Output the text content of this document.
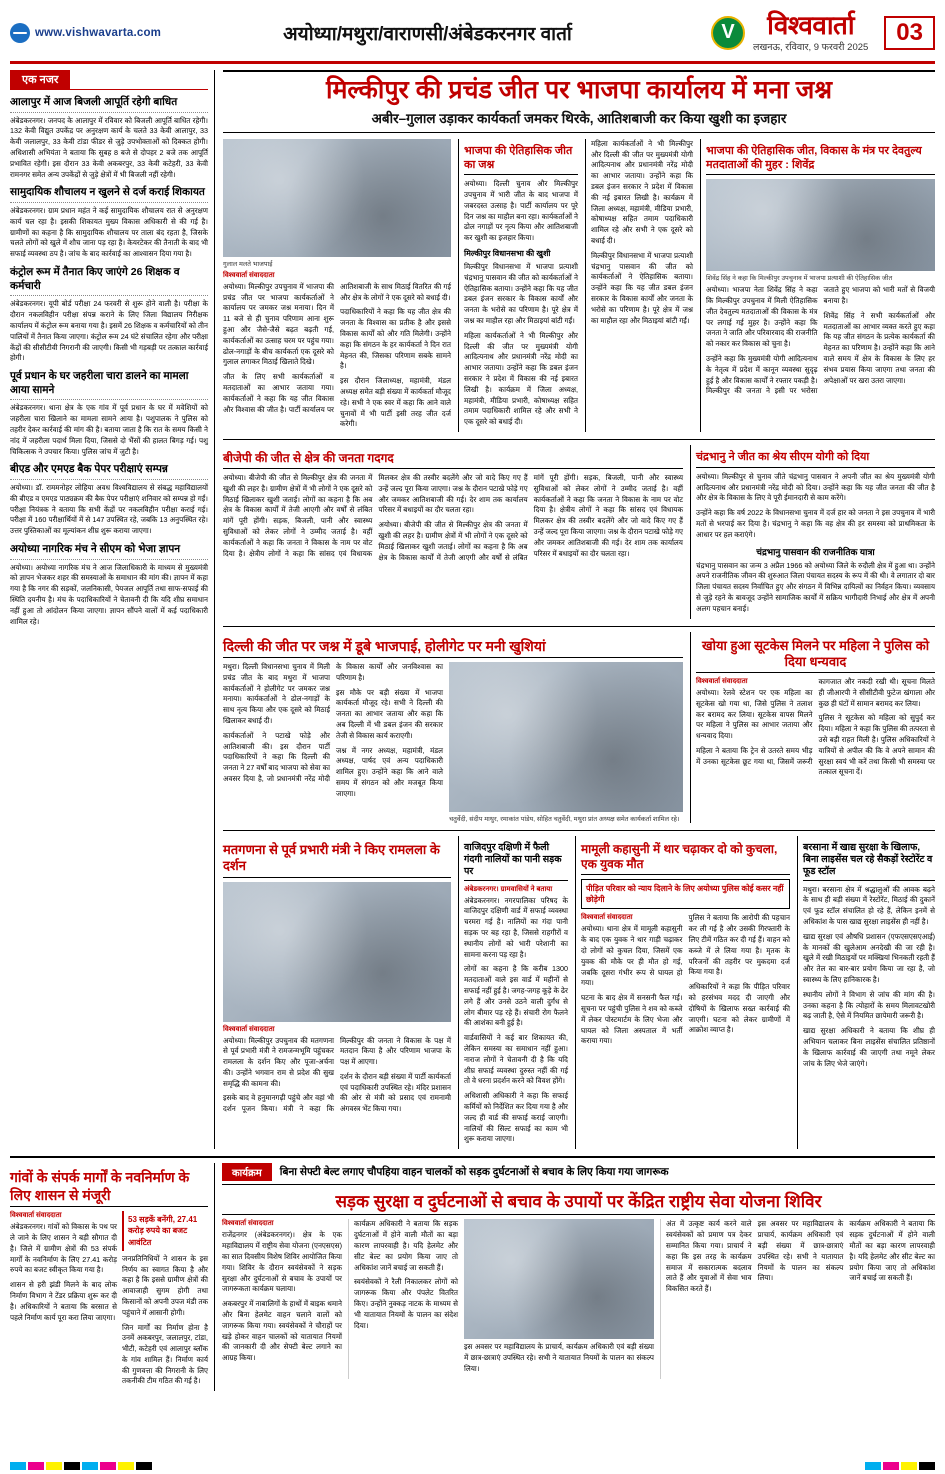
www.vishwavarta.com	अयोध्या/मथुरा/वाराणसी/अंबेडकरनगर वार्ता	V	विश्ववार्ता
लखनऊ, रविवार, 9 फरवरी 2025
03
एक नजर
आलापुर में आज बिजली आपूर्ति रहेगी बाधित

अंबेडकरनगर। जनपद के आलापुर में रविवार को बिजली आपूर्ति बाधित रहेगी। 132 केवी विद्युत उपकेंद्र पर अनुरक्षण कार्य के चलते 33 केवी आलापुर, 33 केवी जलालपुर, 33 केवी टांडा फीडर से जुड़े उपभोक्ताओं को दिक्कत होगी। अधिशासी अभियंता ने बताया कि सुबह 8 बजे से दोपहर 2 बजे तक आपूर्ति प्रभावित रहेगी। इस दौरान 33 केवी अकबरपुर, 33 केवी कटेहरी, 33 केवी रामनगर समेत अन्य उपकेंद्रों से जुड़े क्षेत्रों में भी बिजली नहीं रहेगी।

सामुदायिक शौचालय न खुलने से दर्ज कराई शिकायत

अंबेडकरनगर। ग्राम प्रधान महंत ने कई सामुदायिक शौचालय रात से अनुरक्षण कार्य चल रहा है। इसकी शिकायत मुख्य विकास अधिकारी से की गई है। ग्रामीणों का कहना है कि सामुदायिक शौचालय पर ताला बंद रहता है, जिसके चलते लोगों को खुले में शौच जाना पड़ रहा है। केयरटेकर की तैनाती के बाद भी सफाई व्यवस्था ठप है। जांच के बाद कार्रवाई का आश्वासन दिया गया है।

कंट्रोल रूम में तैनात किए जाएंगे 26 शिक्षक व कर्मचारी

अंबेडकरनगर। यूपी बोर्ड परीक्षा 24 फरवरी से शुरू होने वाली है। परीक्षा के दौरान नकलविहीन परीक्षा संपन्न कराने के लिए जिला विद्यालय निरीक्षक कार्यालय में कंट्रोल रूम बनाया गया है। इसमें 26 शिक्षक व कर्मचारियों को तीन पालियों में तैनात किया जाएगा। कंट्रोल रूम 24 घंटे संचालित रहेगा और परीक्षा केंद्रों की सीसीटीवी निगरानी की जाएगी। किसी भी गड़बड़ी पर तत्काल कार्रवाई होगी।

पूर्व प्रधान के घर जहरीला चारा डालने का मामला आया सामने

अंबेडकरनगर। थाना क्षेत्र के एक गांव में पूर्व प्रधान के घर में मवेशियों को जहरीला चारा खिलाने का मामला सामने आया है। पशुपालक ने पुलिस को तहरीर देकर कार्रवाई की मांग की है। बताया जाता है कि रात के समय किसी ने नांद में जहरीला पदार्थ मिला दिया, जिससे दो भैंसों की हालत बिगड़ गई। पशु चिकित्सक ने उपचार किया। पुलिस जांच में जुटी है।

बीएड और एमएड बैक पेपर परीक्षाएं सम्पन्न

अयोध्या। डॉ. राममनोहर लोहिया अवध विश्वविद्यालय से संबद्ध महाविद्यालयों की बीएड व एमएड पाठ्यक्रम की बैक पेपर परीक्षाएं शनिवार को सम्पन्न हो गईं। परीक्षा नियंत्रक ने बताया कि सभी केंद्रों पर नकलविहीन परीक्षा कराई गई। परीक्षा में 160 परीक्षार्थियों में से 147 उपस्थित रहे, जबकि 13 अनुपस्थित रहे। उत्तर पुस्तिकाओं का मूल्यांकन शीघ्र शुरू कराया जाएगा।

अयोध्या नागरिक मंच ने सीएम को भेजा ज्ञापन

अयोध्या। अयोध्या नागरिक मंच ने आज जिलाधिकारी के माध्यम से मुख्यमंत्री को ज्ञापन भेजकर शहर की समस्याओं के समाधान की मांग की। ज्ञापन में कहा गया है कि नगर की सड़कों, जलनिकासी, पेयजल आपूर्ति तथा साफ-सफाई की स्थिति दयनीय है। मंच के पदाधिकारियों ने चेतावनी दी कि यदि शीघ्र समाधान नहीं हुआ तो आंदोलन किया जाएगा। ज्ञापन सौंपने वालों में कई पदाधिकारी शामिल रहे।

मिल्कीपुर की प्रचंड जीत पर भाजपा कार्यालय में मना जश्न
अबीर–गुलाल उड़ाकर कार्यकर्ता जमकर थिरके, आतिशबाजी कर किया खुशी का इजहार
गुलाल मलते भाजपाई
विश्ववार्ता संवाददाता

अयोध्या। मिल्कीपुर उपचुनाव में भाजपा की प्रचंड जीत पर भाजपा कार्यकर्ताओं ने कार्यालय पर जमकर जश्न मनाया। दिन में 11 बजे से ही चुनाव परिणाम आना शुरू हुआ और जैसे-जैसे बढ़त बढ़ती गई, कार्यकर्ताओं का उत्साह चरम पर पहुंच गया। ढोल-नगाड़ों के बीच कार्यकर्ता एक दूसरे को गुलाल लगाकर मिठाई खिलाते दिखे।

जीत के लिए सभी कार्यकर्ताओं व मतदाताओं का आभार जताया गया। कार्यकर्ताओं ने कहा कि यह जीत विकास और विश्वास की जीत है। पार्टी कार्यालय पर आतिशबाजी के साथ मिठाई वितरित की गई और क्षेत्र के लोगों ने एक दूसरे को बधाई दी।

पदाधिकारियों ने कहा कि यह जीत क्षेत्र की जनता के विश्वास का प्रतीक है और इससे विकास कार्यों को और गति मिलेगी। उन्होंने कहा कि संगठन के हर कार्यकर्ता ने दिन रात मेहनत की, जिसका परिणाम सबके सामने है।

इस दौरान जिलाध्यक्ष, महामंत्री, मंडल अध्यक्ष समेत बड़ी संख्या में कार्यकर्ता मौजूद रहे। सभी ने एक स्वर में कहा कि आने वाले चुनावों में भी पार्टी इसी तरह जीत दर्ज करेगी।

भाजपा की ऐतिहासिक जीत का जश्न

अयोध्या। दिल्ली चुनाव और मिल्कीपुर उपचुनाव में भारी जीत के बाद भाजपा में जबरदस्त उत्साह है। पार्टी कार्यालय पर पूरे दिन जश्न का माहौल बना रहा। कार्यकर्ताओं ने ढोल नगाड़ों पर नृत्य किया और आतिशबाजी कर खुशी का इजहार किया।

मिल्कीपुर विधानसभा की खुशी

मिल्कीपुर विधानसभा में भाजपा प्रत्याशी चंद्रभानु पासवान की जीत को कार्यकर्ताओं ने ऐतिहासिक बताया। उन्होंने कहा कि यह जीत डबल इंजन सरकार के विकास कार्यों और जनता के भरोसे का परिणाम है। पूरे क्षेत्र में जश्न का माहौल रहा और मिठाइयां बांटी गईं।

महिला कार्यकर्ताओं ने भी मिल्कीपुर और दिल्ली की जीत पर मुख्यमंत्री योगी आदित्यनाथ और प्रधानमंत्री नरेंद्र मोदी का आभार जताया। उन्होंने कहा कि डबल इंजन सरकार ने प्रदेश में विकास की नई इबारत लिखी है। कार्यक्रम में जिला अध्यक्ष, महामंत्री, मीडिया प्रभारी, कोषाध्यक्ष सहित तमाम पदाधिकारी शामिल रहे और सभी ने एक दूसरे को बधाई दी।

महिला कार्यकर्ताओं ने भी मिल्कीपुर और दिल्ली की जीत पर मुख्यमंत्री योगी आदित्यनाथ और प्रधानमंत्री नरेंद्र मोदी का आभार जताया। उन्होंने कहा कि डबल इंजन सरकार ने प्रदेश में विकास की नई इबारत लिखी है। कार्यक्रम में जिला अध्यक्ष, महामंत्री, मीडिया प्रभारी, कोषाध्यक्ष सहित तमाम पदाधिकारी शामिल रहे और सभी ने एक दूसरे को बधाई दी।

मिल्कीपुर विधानसभा में भाजपा प्रत्याशी चंद्रभानु पासवान की जीत को कार्यकर्ताओं ने ऐतिहासिक बताया। उन्होंने कहा कि यह जीत डबल इंजन सरकार के विकास कार्यों और जनता के भरोसे का परिणाम है। पूरे क्षेत्र में जश्न का माहौल रहा और मिठाइयां बांटी गईं।

भाजपा की ऐतिहासिक जीत, विकास के मंत्र पर देवतुल्य मतदाताओं की मुहर : शिवेंद्र
शिवेंद्र सिंह ने कहा कि मिल्कीपुर उपचुनाव में भाजपा प्रत्याशी की ऐतिहासिक जीत

अयोध्या। भाजपा नेता शिवेंद्र सिंह ने कहा कि मिल्कीपुर उपचुनाव में मिली ऐतिहासिक जीत देवतुल्य मतदाताओं की विकास के मंत्र पर लगाई गई मुहर है। उन्होंने कहा कि जनता ने जाति और परिवारवाद की राजनीति को नकार कर विकास को चुना है।

उन्होंने कहा कि मुख्यमंत्री योगी आदित्यनाथ के नेतृत्व में प्रदेश में कानून व्यवस्था सुदृढ़ हुई है और विकास कार्यों ने रफ्तार पकड़ी है। मिल्कीपुर की जनता ने इसी पर भरोसा जताते हुए भाजपा को भारी मतों से विजयी बनाया है।

शिवेंद्र सिंह ने सभी कार्यकर्ताओं और मतदाताओं का आभार व्यक्त करते हुए कहा कि यह जीत संगठन के प्रत्येक कार्यकर्ता की मेहनत का परिणाम है। उन्होंने कहा कि आने वाले समय में क्षेत्र के विकास के लिए हर संभव प्रयास किया जाएगा तथा जनता की अपेक्षाओं पर खरा उतरा जाएगा।

बीजेपी की जीत से क्षेत्र की जनता गदगद

अयोध्या। बीजेपी की जीत से मिल्कीपुर क्षेत्र की जनता में खुशी की लहर है। ग्रामीण क्षेत्रों में भी लोगों ने एक दूसरे को मिठाई खिलाकर खुशी जताई। लोगों का कहना है कि अब क्षेत्र के विकास कार्यों में तेजी आएगी और वर्षों से लंबित मांगें पूरी होंगी। सड़क, बिजली, पानी और स्वास्थ्य सुविधाओं को लेकर लोगों ने उम्मीद जताई है। वहीं कार्यकर्ताओं ने कहा कि जनता ने विकास के नाम पर वोट दिया है। क्षेत्रीय लोगों ने कहा कि सांसद एवं विधायक मिलकर क्षेत्र की तस्वीर बदलेंगे और जो वादे किए गए हैं उन्हें जल्द पूरा किया जाएगा। जश्न के दौरान पटाखे फोड़े गए और जमकर आतिशबाजी की गई। देर शाम तक कार्यालय परिसर में बधाइयों का दौर चलता रहा।

अयोध्या। बीजेपी की जीत से मिल्कीपुर क्षेत्र की जनता में खुशी की लहर है। ग्रामीण क्षेत्रों में भी लोगों ने एक दूसरे को मिठाई खिलाकर खुशी जताई। लोगों का कहना है कि अब क्षेत्र के विकास कार्यों में तेजी आएगी और वर्षों से लंबित मांगें पूरी होंगी। सड़क, बिजली, पानी और स्वास्थ्य सुविधाओं को लेकर लोगों ने उम्मीद जताई है। वहीं कार्यकर्ताओं ने कहा कि जनता ने विकास के नाम पर वोट दिया है। क्षेत्रीय लोगों ने कहा कि सांसद एवं विधायक मिलकर क्षेत्र की तस्वीर बदलेंगे और जो वादे किए गए हैं उन्हें जल्द पूरा किया जाएगा। जश्न के दौरान पटाखे फोड़े गए और जमकर आतिशबाजी की गई। देर शाम तक कार्यालय परिसर में बधाइयों का दौर चलता रहा।

चंद्रभानु ने जीत का श्रेय सीएम योगी को दिया

अयोध्या। मिल्कीपुर से चुनाव जीते चंद्रभानु पासवान ने अपनी जीत का श्रेय मुख्यमंत्री योगी आदित्यनाथ और प्रधानमंत्री नरेंद्र मोदी को दिया। उन्होंने कहा कि यह जीत जनता की जीत है और क्षेत्र के विकास के लिए वे पूरी ईमानदारी से काम करेंगे।

उन्होंने कहा कि वर्ष 2022 के विधानसभा चुनाव में दर्ज हार को जनता ने इस उपचुनाव में भारी मतों से भरपाई कर दिया है। चंद्रभानु ने कहा कि वह क्षेत्र की हर समस्या को प्राथमिकता के आधार पर हल कराएंगे।

चंद्रभानु पासवान की राजनीतिक यात्रा

चंद्रभानु पासवान का जन्म 3 अप्रैल 1966 को अयोध्या जिले के रुदौली क्षेत्र में हुआ था। उन्होंने अपने राजनीतिक जीवन की शुरुआत जिला पंचायत सदस्य के रूप में की थी। वे लगातार दो बार जिला पंचायत सदस्य निर्वाचित हुए और संगठन में विभिन्न दायित्वों का निर्वहन किया। व्यवसाय से जुड़े रहने के बावजूद उन्होंने सामाजिक कार्यों में सक्रिय भागीदारी निभाई और क्षेत्र में अपनी अलग पहचान बनाई।

दिल्ली की जीत पर जश्न में डूबे भाजपाई, होलीगेट पर मनी खुशियां

मथुरा। दिल्ली विधानसभा चुनाव में मिली प्रचंड जीत के बाद मथुरा में भाजपा कार्यकर्ताओं ने होलीगेट पर जमकर जश्न मनाया। कार्यकर्ताओं ने ढोल-नगाड़ों के साथ नृत्य किया और एक दूसरे को मिठाई खिलाकर बधाई दी।

कार्यकर्ताओं ने पटाखे फोड़े और आतिशबाजी की। इस दौरान पार्टी पदाधिकारियों ने कहा कि दिल्ली की जनता ने 27 वर्षों बाद भाजपा को सेवा का अवसर दिया है, जो प्रधानमंत्री नरेंद्र मोदी के विकास कार्यों और जनविश्वास का परिणाम है।

इस मौके पर बड़ी संख्या में भाजपा कार्यकर्ता मौजूद रहे। सभी ने दिल्ली की जनता का आभार जताया और कहा कि अब दिल्ली में भी डबल इंजन की सरकार तेजी से विकास कार्य कराएगी।

जश्न में नगर अध्यक्ष, महामंत्री, मंडल अध्यक्ष, पार्षद एवं अन्य पदाधिकारी शामिल हुए। उन्होंने कहा कि आने वाले समय में संगठन को और मजबूत किया जाएगा।

चतुर्वेदी, संदीप माथुर, रमाकांत पांडेय, सोहित चतुर्वेदी, मथुरा प्रांत अध्यक्ष समेत कार्यकर्ता शामिल रहे।
खोया हुआ सूटकेस मिलने पर महिला ने पुलिस को दिया धन्यवाद
विश्ववार्ता संवाददाता

अयोध्या। रेलवे स्टेशन पर एक महिला का सूटकेस खो गया था, जिसे पुलिस ने तलाश कर बरामद कर लिया। सूटकेस वापस मिलने पर महिला ने पुलिस का आभार जताया और धन्यवाद दिया।

महिला ने बताया कि ट्रेन से उतरते समय भीड़ में उनका सूटकेस छूट गया था, जिसमें जरूरी कागजात और नकदी रखी थी। सूचना मिलते ही जीआरपी ने सीसीटीवी फुटेज खंगाला और कुछ ही घंटों में सामान बरामद कर लिया।

पुलिस ने सूटकेस को महिला को सुपुर्द कर दिया। महिला ने कहा कि पुलिस की तत्परता से उसे बड़ी राहत मिली है। पुलिस अधिकारियों ने यात्रियों से अपील की कि वे अपने सामान की सुरक्षा स्वयं भी करें तथा किसी भी समस्या पर तत्काल सूचना दें।

मतगणना से पूर्व प्रभारी मंत्री ने किए रामलला के दर्शन
विश्ववार्ता संवाददाता

अयोध्या। मिल्कीपुर उपचुनाव की मतगणना से पूर्व प्रभारी मंत्री ने रामजन्मभूमि पहुंचकर रामलला के दर्शन किए और पूजा-अर्चना की। उन्होंने भगवान राम से प्रदेश की सुख समृद्धि की कामना की।

इसके बाद वे हनुमानगढ़ी पहुंचे और वहां भी दर्शन पूजन किया। मंत्री ने कहा कि मिल्कीपुर की जनता ने विकास के पक्ष में मतदान किया है और परिणाम भाजपा के पक्ष में आएगा।

दर्शन के दौरान बड़ी संख्या में पार्टी कार्यकर्ता एवं पदाधिकारी उपस्थित रहे। मंदिर प्रशासन की ओर से मंत्री को प्रसाद एवं रामनामी अंगवस्त्र भेंट किया गया।

वाजिदपुर दक्षिणी में फैली गंदगी नालियों का पानी सड़क पर
अंबेडकरनगर। ग्रामवासियों ने बताया

अंबेडकरनगर। नगरपालिका परिषद के वाजिदपुर दक्षिणी वार्ड में सफाई व्यवस्था चरमरा गई है। नालियों का गंदा पानी सड़क पर बह रहा है, जिससे राहगीरों व स्थानीय लोगों को भारी परेशानी का सामना करना पड़ रहा है।

लोगों का कहना है कि करीब 1300 मतदाताओं वाले इस वार्ड में महीनों से सफाई नहीं हुई है। जगह-जगह कूड़े के ढेर लगे हैं और उनसे उठने वाली दुर्गंध से लोग बीमार पड़ रहे हैं। संचारी रोग फैलने की आशंका बनी हुई है।

वार्डवासियों ने कई बार शिकायत की, लेकिन समस्या का समाधान नहीं हुआ। नाराज लोगों ने चेतावनी दी है कि यदि शीघ्र सफाई व्यवस्था दुरुस्त नहीं की गई तो वे धरना प्रदर्शन करने को विवश होंगे।

अधिशासी अधिकारी ने कहा कि सफाई कर्मियों को निर्देशित कर दिया गया है और जल्द ही वार्ड की सफाई कराई जाएगी। नालियों की सिल्ट सफाई का काम भी शुरू कराया जाएगा।

मामूली कहासुनी में थार चढ़ाकर दो को कुचला, एक युवक मौत
पीड़ित परिवार को न्याय दिलाने के लिए अयोध्या पुलिस कोई कसर नहीं छोड़ेगी
विश्ववार्ता संवाददाता

अयोध्या। थाना क्षेत्र में मामूली कहासुनी के बाद एक युवक ने थार गाड़ी चढ़ाकर दो लोगों को कुचल दिया, जिसमें एक युवक की मौके पर ही मौत हो गई, जबकि दूसरा गंभीर रूप से घायल हो गया।

घटना के बाद क्षेत्र में सनसनी फैल गई। सूचना पर पहुंची पुलिस ने शव को कब्जे में लेकर पोस्टमार्टम के लिए भेजा और घायल को जिला अस्पताल में भर्ती कराया गया।

पुलिस ने बताया कि आरोपी की पहचान कर ली गई है और उसकी गिरफ्तारी के लिए टीमें गठित कर दी गई हैं। वाहन को कब्जे में ले लिया गया है। मृतक के परिजनों की तहरीर पर मुकदमा दर्ज किया गया है।

अधिकारियों ने कहा कि पीड़ित परिवार को हरसंभव मदद दी जाएगी और दोषियों के खिलाफ सख्त कार्रवाई की जाएगी। घटना को लेकर ग्रामीणों में आक्रोश व्याप्त है।

बरसाना में खाद्य सुरक्षा के खिलाफ, बिना लाइसेंस चल रहे सैकड़ों रेस्टोरेंट व फूड स्टॉल

मथुरा। बरसाना क्षेत्र में श्रद्धालुओं की आवक बढ़ने के साथ ही बड़ी संख्या में रेस्टोरेंट, मिठाई की दुकानें एवं फूड स्टॉल संचालित हो रहे हैं, लेकिन इनमें से अधिकांश के पास खाद्य सुरक्षा लाइसेंस ही नहीं है।

खाद्य सुरक्षा एवं औषधि प्रशासन (एफएसएसएआई) के मानकों की खुलेआम अनदेखी की जा रही है। खुले में रखी मिठाइयों पर मक्खियां भिनकती रहती हैं और तेल का बार-बार प्रयोग किया जा रहा है, जो स्वास्थ्य के लिए हानिकारक है।

स्थानीय लोगों ने विभाग से जांच की मांग की है। उनका कहना है कि त्योहारों के समय मिलावटखोरी बढ़ जाती है, ऐसे में नियमित छापेमारी जरूरी है।

खाद्य सुरक्षा अधिकारी ने बताया कि शीघ्र ही अभियान चलाकर बिना लाइसेंस संचालित प्रतिष्ठानों के खिलाफ कार्रवाई की जाएगी तथा नमूने लेकर जांच के लिए भेजे जाएंगे।

गांवों के संपर्क मार्गों के नवनिर्माण के लिए शासन से मंजूरी
विश्ववार्ता संवाददाता

अंबेडकरनगर। गांवों को विकास के पथ पर ले जाने के लिए शासन ने बड़ी सौगात दी है। जिले में ग्रामीण क्षेत्रों की 53 संपर्क मार्गों के नवनिर्माण के लिए 27.41 करोड़ रुपये का बजट स्वीकृत किया गया है।

शासन से हरी झंडी मिलने के बाद लोक निर्माण विभाग ने टेंडर प्रक्रिया शुरू कर दी है। अधिकारियों ने बताया कि बरसात से पहले निर्माण कार्य पूरा करा लिया जाएगा।

53 सड़कें बनेंगी, 27.41 करोड़ रुपये का बजट आवंटित

जनप्रतिनिधियों ने शासन के इस निर्णय का स्वागत किया है और कहा है कि इससे ग्रामीण क्षेत्रों की आवाजाही सुगम होगी तथा किसानों को अपनी उपज मंडी तक पहुंचाने में आसानी होगी।

जिन मार्गों का निर्माण होना है उनमें अकबरपुर, जलालपुर, टांडा, भीटी, कटेहरी एवं आलापुर ब्लॉक के गांव शामिल हैं। निर्माण कार्य की गुणवत्ता की निगरानी के लिए तकनीकी टीम गठित की गई है।

कार्यक्रम	बिना सेफ्टी बेल्ट लगाए चौपहिया वाहन चालकों को सड़क दुर्घटनाओं से बचाव के लिए किया गया जागरूक
सड़क सुरक्षा व दुर्घटनाओं से बचाव के उपायों पर केंद्रित राष्ट्रीय सेवा योजना शिविर
विश्ववार्ता संवाददाता

राजेंद्रनगर (अंबेडकरनगर)। क्षेत्र के एक महाविद्यालय में राष्ट्रीय सेवा योजना (एनएसएस) का सात दिवसीय विशेष शिविर आयोजित किया गया। शिविर के दौरान स्वयंसेवकों ने सड़क सुरक्षा और दुर्घटनाओं से बचाव के उपायों पर जागरूकता कार्यक्रम चलाया।

अकबरपुर में नाबालिगों के हाथों में बाइक थमाने और बिना हेलमेट वाहन चलाने वालों को जागरूक किया गया। स्वयंसेवकों ने चौराहों पर खड़े होकर वाहन चालकों को यातायात नियमों की जानकारी दी और सेफ्टी बेल्ट लगाने का आग्रह किया।

कार्यक्रम अधिकारी ने बताया कि सड़क दुर्घटनाओं में होने वाली मौतों का बड़ा कारण लापरवाही है। यदि हेलमेट और सीट बेल्ट का प्रयोग किया जाए तो अधिकांश जानें बचाई जा सकती हैं।

स्वयंसेवकों ने रैली निकालकर लोगों को जागरूक किया और पंपलेट वितरित किए। उन्होंने नुक्कड़ नाटक के माध्यम से भी यातायात नियमों के पालन का संदेश दिया।

इस अवसर पर महाविद्यालय के प्राचार्य, कार्यक्रम अधिकारी एवं बड़ी संख्या में छात्र-छात्राएं उपस्थित रहे। सभी ने यातायात नियमों के पालन का संकल्प लिया।

अंत में उत्कृष्ट कार्य करने वाले स्वयंसेवकों को प्रमाण पत्र देकर सम्मानित किया गया। प्राचार्य ने कहा कि इस तरह के कार्यक्रम समाज में सकारात्मक बदलाव लाते हैं और युवाओं में सेवा भाव विकसित करते हैं।

इस अवसर पर महाविद्यालय के प्राचार्य, कार्यक्रम अधिकारी एवं बड़ी संख्या में छात्र-छात्राएं उपस्थित रहे। सभी ने यातायात नियमों के पालन का संकल्प लिया।

कार्यक्रम अधिकारी ने बताया कि सड़क दुर्घटनाओं में होने वाली मौतों का बड़ा कारण लापरवाही है। यदि हेलमेट और सीट बेल्ट का प्रयोग किया जाए तो अधिकांश जानें बचाई जा सकती हैं।
